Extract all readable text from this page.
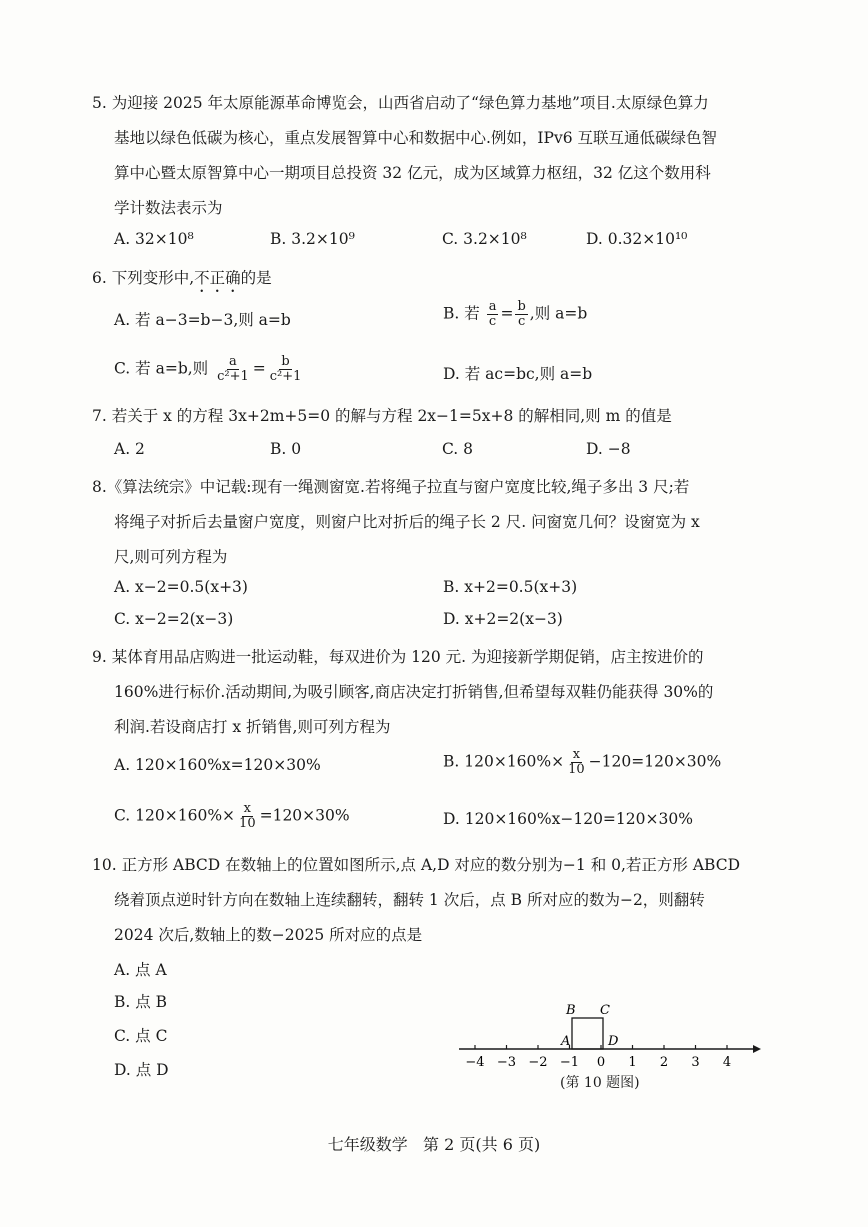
5. 为迎接 2025 年太原能源革命博览会，山西省启动了“绿色算力基地”项目.太原绿色算力
基地以绿色低碳为核心，重点发展智算中心和数据中心.例如，IPv6 互联互通低碳绿色智
算中心暨太原智算中心一期项目总投资 32 亿元，成为区域算力枢纽，32 亿这个数用科
学计数法表示为
A. 32×10⁸	B. 3.2×10⁹	C. 3.2×10⁸	D. 0.32×10¹⁰
6. 下列变形中,不正确的是
A. 若 a−3=b−3,则 a=b	B. 若 $\frac{a}{c} = \frac{b}{c}$ ,则 a=b
C. 若 a=b,则 $\frac{a}{\text{c²+1}} = \frac{b}{\text{c²+1}}$	D. 若 ac=bc,则 a=b
7. 若关于 x 的方程 3x+2m+5=0 的解与方程 2x−1=5x+8 的解相同,则 m 的值是
A. 2	B. 0	C. 8	D. −8
8.《算法统宗》中记载:现有一绳测窗宽.若将绳子拉直与窗户宽度比较,绳子多出 3 尺;若
将绳子对折后去量窗户宽度，则窗户比对折后的绳子长 2 尺. 问窗宽几何？设窗宽为 x
尺,则可列方程为
A. x−2=0.5(x+3)	B. x+2=0.5(x+3)
C. x−2=2(x−3)	D. x+2=2(x−3)
9. 某体育用品店购进一批运动鞋，每双进价为 120 元. 为迎接新学期促销，店主按进价的
160%进行标价.活动期间,为吸引顾客,商店决定打折销售,但希望每双鞋仍能获得 30%的
利润.若设商店打 x 折销售,则可列方程为
A. 120×160%x=120×30%	B. $120\times 160\%\times \frac{x}{10} -120=120\times 30\%$
C. $120\times 160\%\times \frac{x}{10} =120\times 30\%$	D. 120×160%x−120=120×30%
10. 正方形 ABCD 在数轴上的位置如图所示,点 A,D 对应的数分别为−1 和 0,若正方形 ABCD
绕着顶点逆时针方向在数轴上连续翻转，翻转 1 次后，点 B 所对应的数为−2，则翻转
2024 次后,数轴上的数−2025 所对应的点是
A. 点 A
B. 点 B
C. 点 C
D. 点 D	−4 −3 −2 −1 0 1 2 3 4
A
B C
D
(第 10 题图)
七年级数学   第 2 页(共 6 页)
